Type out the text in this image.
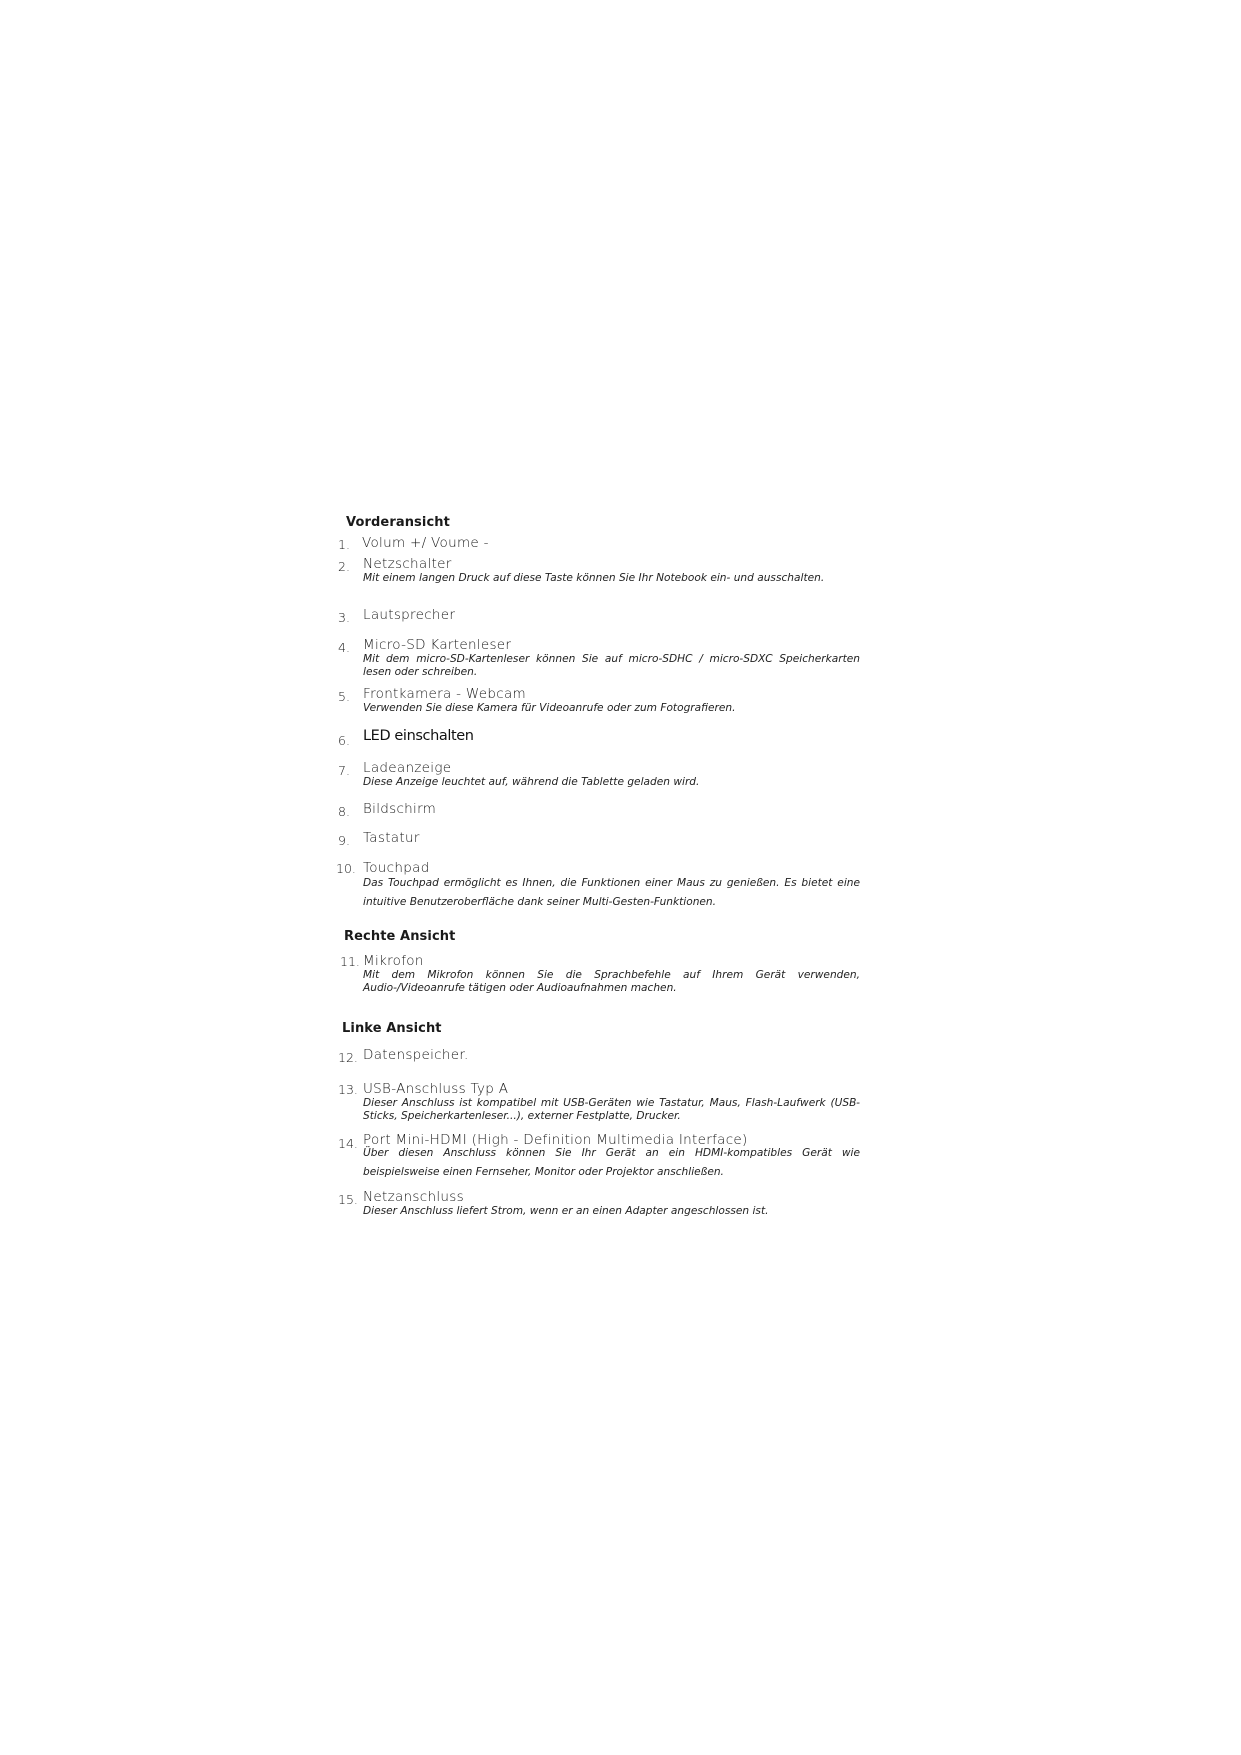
Vorderansicht
1. Volum +/ Voume -
2. Netzschalter
Mit einem langen Druck auf diese Taste können Sie Ihr Notebook ein- und ausschalten.
3. Lautsprecher
4. Micro-SD Kartenleser
Mit dem micro-SD-Kartenleser können Sie auf micro-SDHC / micro-SDXC Speicherkarten lesen oder schreiben.
5. Frontkamera - Webcam
Verwenden Sie diese Kamera für Videoanrufe oder zum Fotografieren.
6. LED einschalten
7. Ladeanzeige
Diese Anzeige leuchtet auf, während die Tablette geladen wird.
8. Bildschirm
9. Tastatur
10. Touchpad
Das Touchpad ermöglicht es Ihnen, die Funktionen einer Maus zu genießen. Es bietet eine intuitive Benutzeroberfläche dank seiner Multi-Gesten-Funktionen.
Rechte Ansicht
11. Mikrofon
Mit dem Mikrofon können Sie die Sprachbefehle auf Ihrem Gerät verwenden, Audio-/Videoanrufe tätigen oder Audioaufnahmen machen.
Linke Ansicht
12. Datenspeicher.
13. USB-Anschluss Typ A
Dieser Anschluss ist kompatibel mit USB-Geräten wie Tastatur, Maus, Flash-Laufwerk (USB-Sticks, Speicherkartenleser...), externer Festplatte, Drucker.
14. Port Mini-HDMI (High - Definition Multimedia Interface)
Über diesen Anschluss können Sie Ihr Gerät an ein HDMI-kompatibles Gerät wie beispielsweise einen Fernseher, Monitor oder Projektor anschließen.
15. Netzanschluss
Dieser Anschluss liefert Strom, wenn er an einen Adapter angeschlossen ist.
